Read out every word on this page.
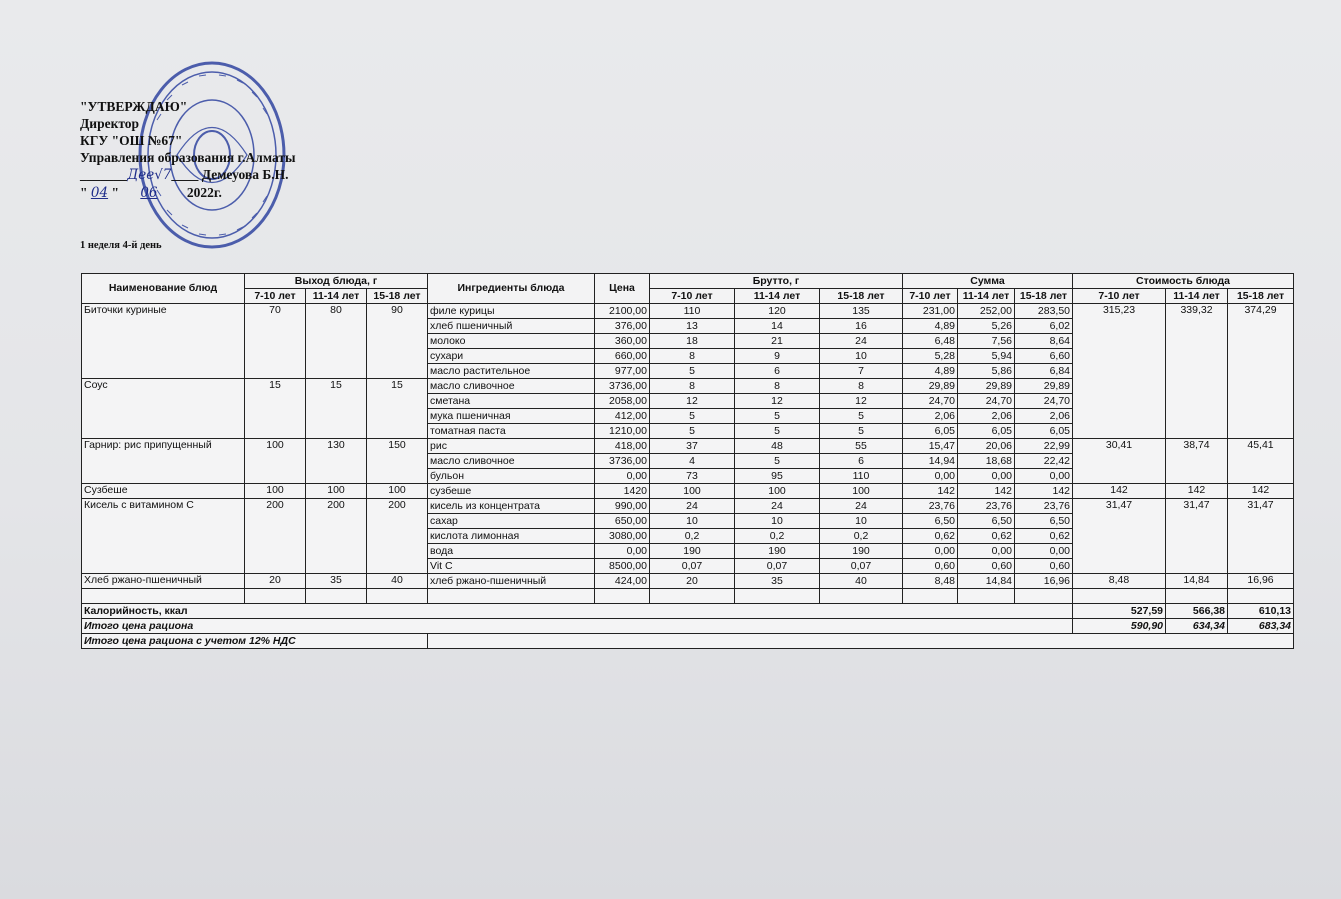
"УТВЕРЖДАЮ"
Директор
КГУ "ОШ №67"
Управления образования г.Алматы
_______Дее√7____ Демеуова Б.Н.
" 04 " 06 2022г.
1 неделя 4-й день
Наименование блюд	Выход блюда, г			Ингредиенты блюда	Цена	Брутто, г			Сумма			Стоимость блюда		
	7-10 лет	11-14 лет	15-18 лет			7-10 лет	11-14 лет	15-18 лет	7-10 лет	11-14 лет	15-18 лет	7-10 лет	11-14 лет	15-18 лет
Биточки куриные	70	80	90	филе курицы	2100,00	110	120	135	231,00	252,00	283,50	315,23	339,32	374,29
				хлеб пшеничный	376,00	13	14	16	4,89	5,26	6,02			
				молоко	360,00	18	21	24	6,48	7,56	8,64			
				сухари	660,00	8	9	10	5,28	5,94	6,60			
				масло растительное	977,00	5	6	7	4,89	5,86	6,84			
Соус	15	15	15	масло сливочное	3736,00	8	8	8	29,89	29,89	29,89			
				сметана	2058,00	12	12	12	24,70	24,70	24,70			
				мука пшеничная	412,00	5	5	5	2,06	2,06	2,06			
				томатная паста	1210,00	5	5	5	6,05	6,05	6,05			
Гарнир: рис припущенный	100	130	150	рис	418,00	37	48	55	15,47	20,06	22,99	30,41	38,74	45,41
				масло сливочное	3736,00	4	5	6	14,94	18,68	22,42			
				бульон	0,00	73	95	110	0,00	0,00	0,00			
Сузбеше	100	100	100	сузбеше	1420	100	100	100	142	142	142	142	142	142
Кисель с витамином С	200	200	200	кисель из концентрата	990,00	24	24	24	23,76	23,76	23,76	31,47	31,47	31,47
				сахар	650,00	10	10	10	6,50	6,50	6,50			
				кислота лимонная	3080,00	0,2	0,2	0,2	0,62	0,62	0,62			
				вода	0,00	190	190	190	0,00	0,00	0,00			
				Vit C	8500,00	0,07	0,07	0,07	0,60	0,60	0,60			
Хлеб ржано-пшеничный	20	35	40	хлеб ржано-пшеничный	424,00	20	35	40	8,48	14,84	16,96	8,48	14,84	16,96

Калорийность, ккал												527,59	566,38	610,13
Итого цена рациона												590,90	634,34	683,34
Итого цена рациона с учетом 12% НДС														
